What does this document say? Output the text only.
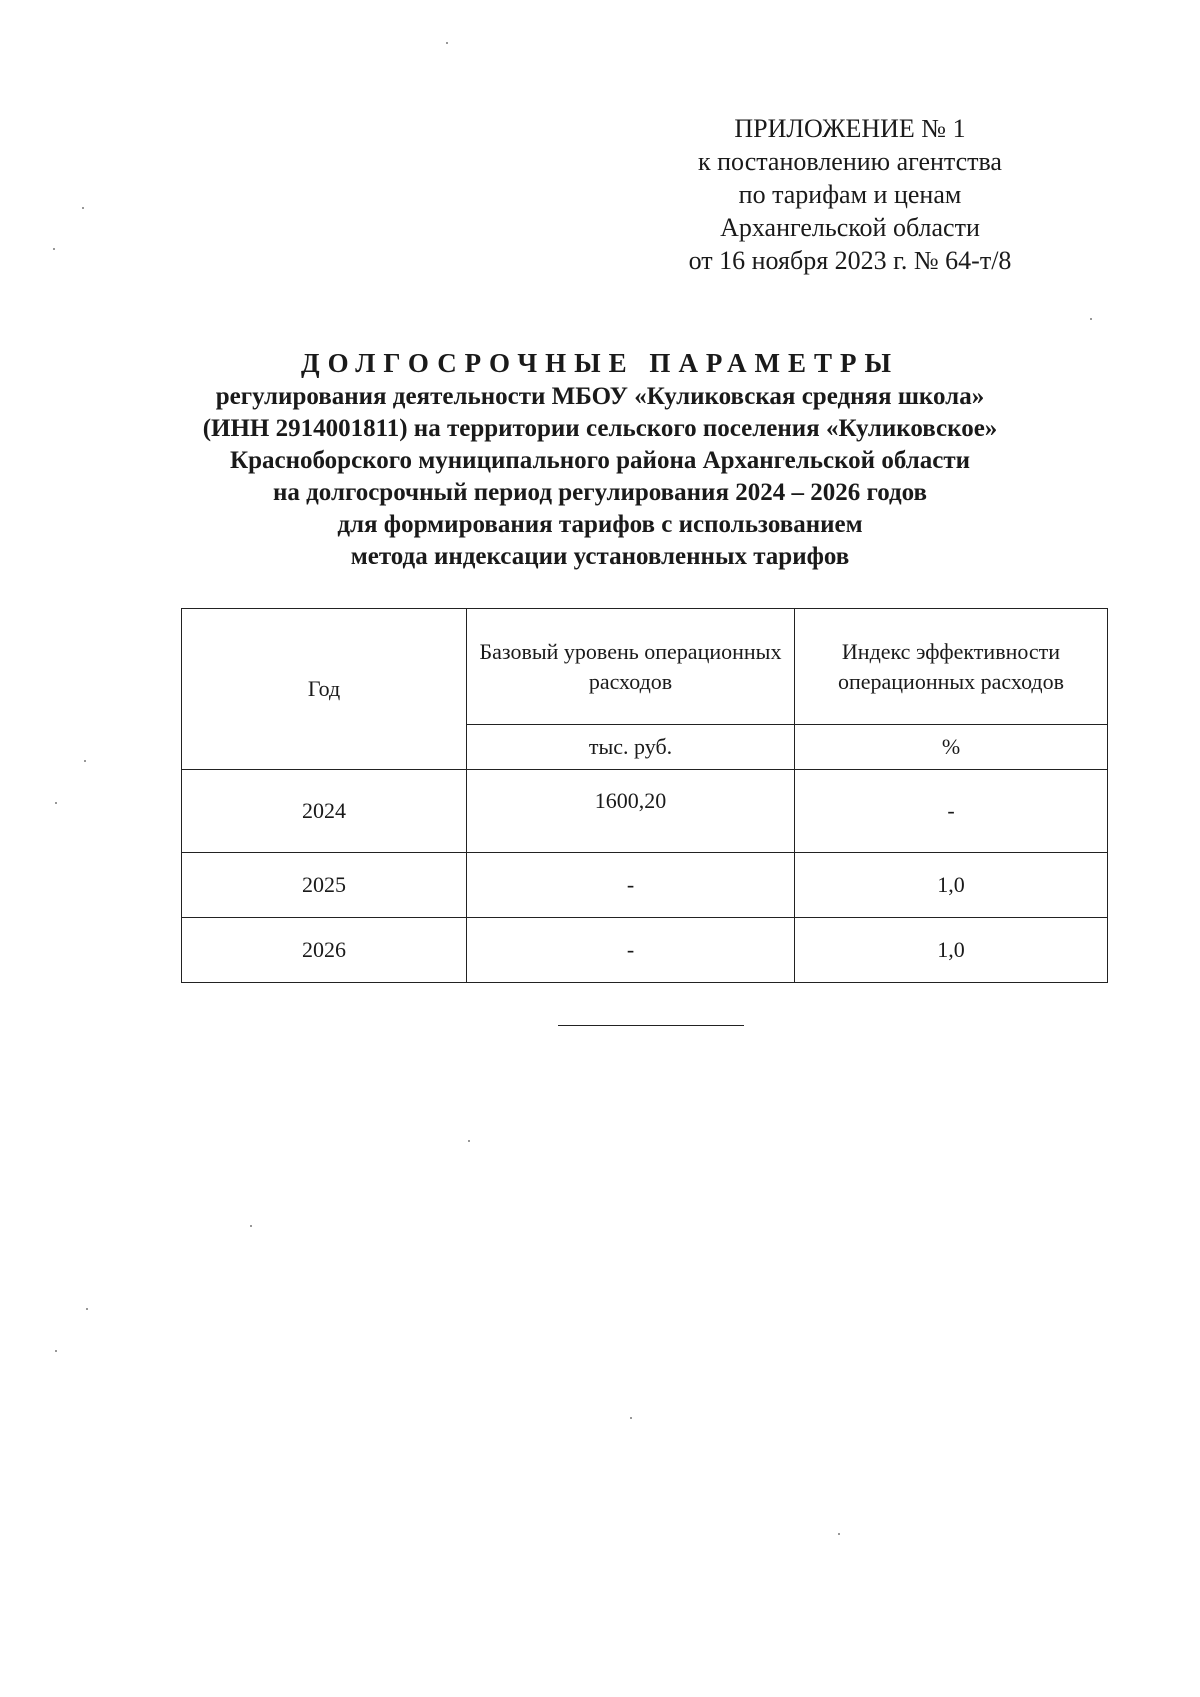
ПРИЛОЖЕНИЕ № 1
к постановлению агентства
по тарифам и ценам
Архангельской области
от 16 ноября 2023 г. № 64-т/8
ДОЛГОСРОЧНЫЕ ПАРАМЕТРЫ
регулирования деятельности МБОУ «Куликовская средняя школа»
(ИНН 2914001811) на территории сельского поселения «Куликовское»
Красноборского муниципального района Архангельской области
на долгосрочный период регулирования 2024 – 2026 годов
для формирования тарифов с использованием
метода индексации установленных тарифов
Год	Базовый уровень операционных расходов	Индекс эффективности операционных расходов
	тыс. руб.	%
2024	1600,20	-
2025	-	1,0
2026	-	1,0
